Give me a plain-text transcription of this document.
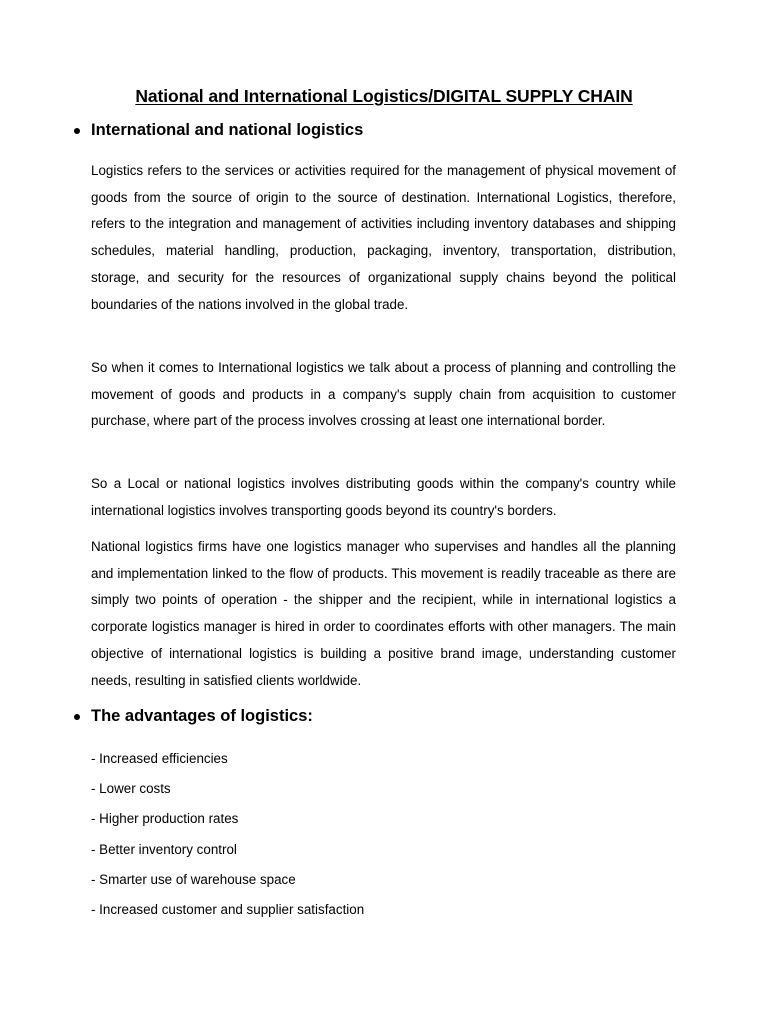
National and International Logistics/DIGITAL SUPPLY CHAIN
International and national logistics

Logistics refers to the services or activities required for the management of physical movement of goods from the source of origin to the source of destination. International Logistics, therefore, refers to the integration and management of activities including inventory databases and shipping schedules, material handling, production, packaging, inventory, transportation, distribution, storage, and security for the resources of organizational supply chains beyond the political boundaries of the nations involved in the global trade.

So when it comes to International logistics we talk about a process of planning and controlling the movement of goods and products in a company's supply chain from acquisition to customer purchase, where part of the process involves crossing at least one international border.

So a Local or national logistics involves distributing goods within the company's country while international logistics involves transporting goods beyond its country's borders.

National logistics firms have one logistics manager who supervises and handles all the planning and implementation linked to the flow of products. This movement is readily traceable as there are simply two points of operation - the shipper and the recipient, while in international logistics a corporate logistics manager is hired in order to coordinates efforts with other managers. The main objective of international logistics is building a positive brand image, understanding customer needs, resulting in satisfied clients worldwide.

The advantages of logistics:
- Increased efficiencies
- Lower costs
- Higher production rates
- Better inventory control
- Smarter use of warehouse space
- Increased customer and supplier satisfaction
